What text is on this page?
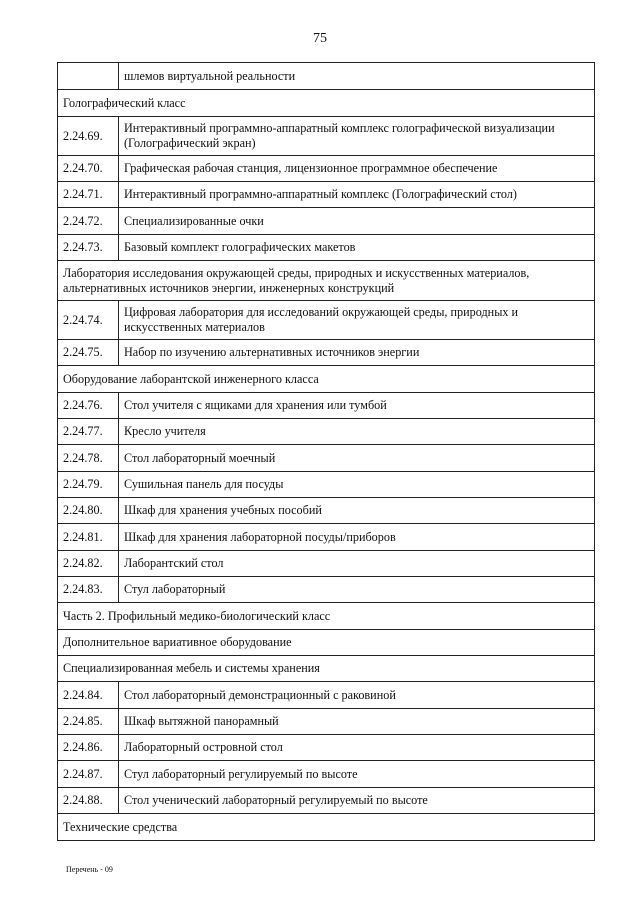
75
	шлемов виртуальной реальности
Голографический класс	
2.24.69.	Интерактивный программно-аппаратный комплекс голографической визуализации (Голографический экран)
2.24.70.	Графическая рабочая станция, лицензионное программное обеспечение
2.24.71.	Интерактивный программно-аппаратный комплекс (Голографический стол)
2.24.72.	Специализированные очки
2.24.73.	Базовый комплект голографических макетов
Лаборатория исследования окружающей среды, природных и искусственных материалов, альтернативных источников энергии, инженерных конструкций	
2.24.74.	Цифровая лаборатория для исследований окружающей среды, природных и искусственных материалов
2.24.75.	Набор по изучению альтернативных источников энергии
Оборудование лаборантской инженерного класса	
2.24.76.	Стол учителя с ящиками для хранения или тумбой
2.24.77.	Кресло учителя
2.24.78.	Стол лабораторный моечный
2.24.79.	Сушильная панель для посуды
2.24.80.	Шкаф для хранения учебных пособий
2.24.81.	Шкаф для хранения лабораторной посуды/приборов
2.24.82.	Лаборантский стол
2.24.83.	Стул лабораторный
Часть 2. Профильный медико-биологический класс	
Дополнительное вариативное оборудование	
Специализированная мебель и системы хранения	
2.24.84.	Стол лабораторный демонстрационный с раковиной
2.24.85.	Шкаф вытяжной панорамный
2.24.86.	Лабораторный островной стол
2.24.87.	Стул лабораторный регулируемый по высоте
2.24.88.	Стол ученический лабораторный регулируемый по высоте
Технические средства	
Перечень - 09
